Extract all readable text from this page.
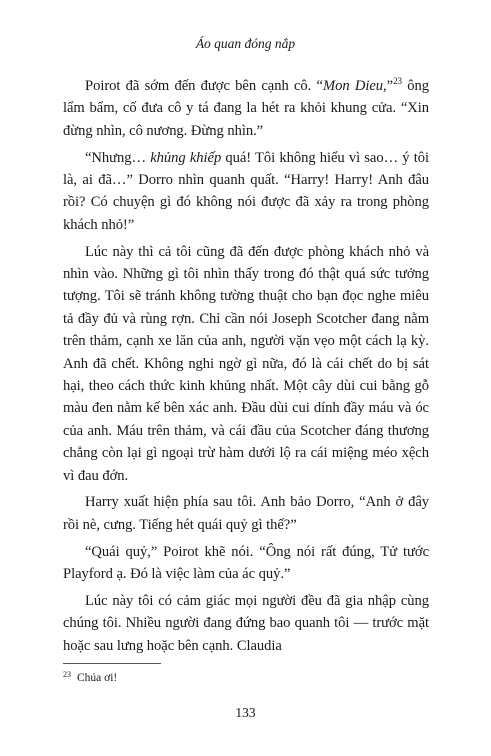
Áo quan đóng nắp

Poirot đã sớm đến được bên cạnh cô. “Mon Dieu,”$^{23}$ ông lẩm bẩm, cố đưa cô y tá đang la hét ra khỏi khung cửa. “Xin đừng nhìn, cô nương. Đừng nhìn.”

“Nhưng… khủng khiếp quá! Tôi không hiểu vì sao… ý tôi là, ai đã…” Dorro nhìn quanh quất. “Harry! Harry! Anh đâu rồi? Có chuyện gì đó không nói được đã xảy ra trong phòng khách nhỏ!”

Lúc này thì cả tôi cũng đã đến được phòng khách nhỏ và nhìn vào. Những gì tôi nhìn thấy trong đó thật quá sức tưởng tượng. Tôi sẽ tránh không tường thuật cho bạn đọc nghe miêu tả đầy đủ và rùng rợn. Chỉ cần nói Joseph Scotcher đang nằm trên thảm, cạnh xe lăn của anh, người vặn vẹo một cách lạ kỳ. Anh đã chết. Không nghi ngờ gì nữa, đó là cái chết do bị sát hại, theo cách thức kinh khủng nhất. Một cây dùi cui bằng gỗ màu đen nằm kế bên xác anh. Đầu dùi cui dính đầy máu và óc của anh. Máu trên thảm, và cái đầu của Scotcher đáng thương chẳng còn lại gì ngoại trừ hàm dưới lộ ra cái miệng méo xệch vì đau đớn.

Harry xuất hiện phía sau tôi. Anh bảo Dorro, “Anh ở đây rồi nè, cưng. Tiếng hét quái quỷ gì thế?”

“Quái quỷ,” Poirot khẽ nói. “Ông nói rất đúng, Tử tước Playford ạ. Đó là việc làm của ác quỷ.”

Lúc này tôi có cảm giác mọi người đều đã gia nhập cùng chúng tôi. Nhiều người đang đứng bao quanh tôi — trước mặt hoặc sau lưng hoặc bên cạnh. Claudia

$^{23}$ Chúa ơi!
133
